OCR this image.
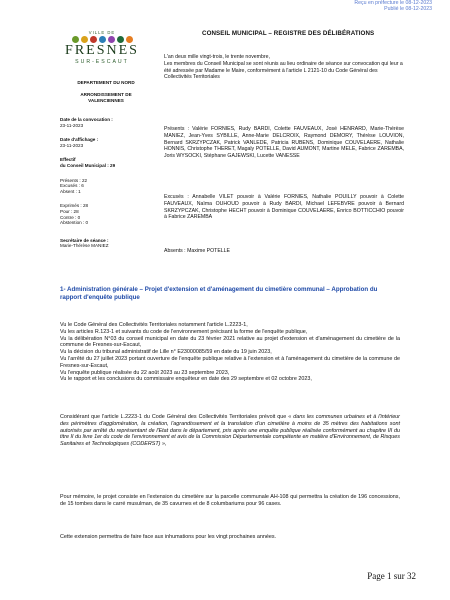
Reçu en préfecture le 08-12-2023
Publié le 08-12-2023
VILLE DE
FRESNES
SUR-ESCAUT
DEPARTEMENT DU NORD
ARRONDISSEMENT DE
VALENCIENNES
Date de la convocation :
23-11-2023
Date d'affichage :
23-11-2023
Effectif
du Conseil Municipal : 29
Présents : 22
Excusés : 6
Absent : 1
Exprimés : 28
Pour : 28
Contre : 0
Abstention : 0
Secrétaire de séance :
Marie-Thérèse MANIEZ
CONSEIL MUNICIPAL – REGISTRE DES DÉLIBÉRATIONS
L'an deux mille vingt-trois, le trente novembre,
Les membres du Conseil Municipal se sont réunis au lieu ordinaire de séance sur convocation qui leur a été adressée par Madame le Maire, conformément à l'article L 2121-10 du Code Général des Collectivités Territoriales
Présents : Valérie FORNIES, Rudy BARDI, Colette FAUVEAUX, José HENRARD, Marie-Thérèse MANIEZ, Jean-Yves SYBILLE, Anne-Marie DELCROIX, Raymond DEMORY, Thérèse LOUVION, Bernard SKRZYPCZAK, Patrick VANLEDE, Patricia RUBENS, Dominique COUVELAERE, Nathalie HONNIS, Christophe THERET, Magaly POTELLE, David AUMONT, Martine MELE, Fabrice ZAREMBA, Joris WYSOCKI, Stéphane GAJEWSKI, Lucette VANESSE
Excusés : Annabelle VILET pouvoir à Valérie FORNIES, Nathalie POUILLY pouvoir à Colette FAUVEAUX, Naïma OUHOUD pouvoir à Rudy BARDI, Michael LEFEBVRE pouvoir à Bernard SKRZYPCZAK, Christophe HECHT pouvoir à Dominique COUVELAERE, Enrico BOTTICCHIO pouvoir à Fabrice ZAREMBA
Absents : Maxime POTELLE
1- Administration générale – Projet d'extension et d'aménagement du cimetière communal – Approbation du rapport d'enquête publique

Vu le Code Général des Collectivités Territoriales notamment l'article L.2223-1,

Vu les articles R.123-1 et suivants du code de l'environnement précisant la forme de l'enquête publique,

Vu la délibération N°03 du conseil municipal en date du 23 février 2021 relative au projet d'extension et d'aménagement du cimetière de la commune de Fresnes-sur-Escaut,

Vu la décision du tribunal administratif de Lille n° E23000085/59 en date du 19 juin 2023,

Vu l'arrêté du 27 juillet 2023 portant ouverture de l'enquête publique relative à l'extension et à l'aménagement du cimetière de la commune de Fresnes-sur-Escaut,

Vu l'enquête publique réalisée du 22 août 2023 au 23 septembre 2023,

Vu le rapport et les conclusions du commissaire enquêteur en date des 29 septembre et 02 octobre 2023,

Considérant que l'article L.2223-1 du Code Général des Collectivités Territoriales prévoit que « dans les communes urbaines et à l'intérieur des périmètres d'agglomération, la création, l'agrandissement et la translation d'un cimetière à moins de 35 mètres des habitations sont autorisés par arrêté du représentant de l'Etat dans le département, pris après une enquête publique réalisée conformément au chapitre III du titre II du livre 1er du code de l'environnement et avis de la Commission Départementale compétente en matière d'Environnement, de Risques Sanitaires et Technologiques (CODERST) »,

Pour mémoire, le projet consiste en l'extension du cimetière sur la parcelle communale AH-108 qui permettra la création de 196 concessions, de 15 tombes dans le carré musulman, de 35 cavurnes et de 8 columbariums pour 96 cases.
Cette extension permettra de faire face aux inhumations pour les vingt prochaines années.
Page 1 sur 32
